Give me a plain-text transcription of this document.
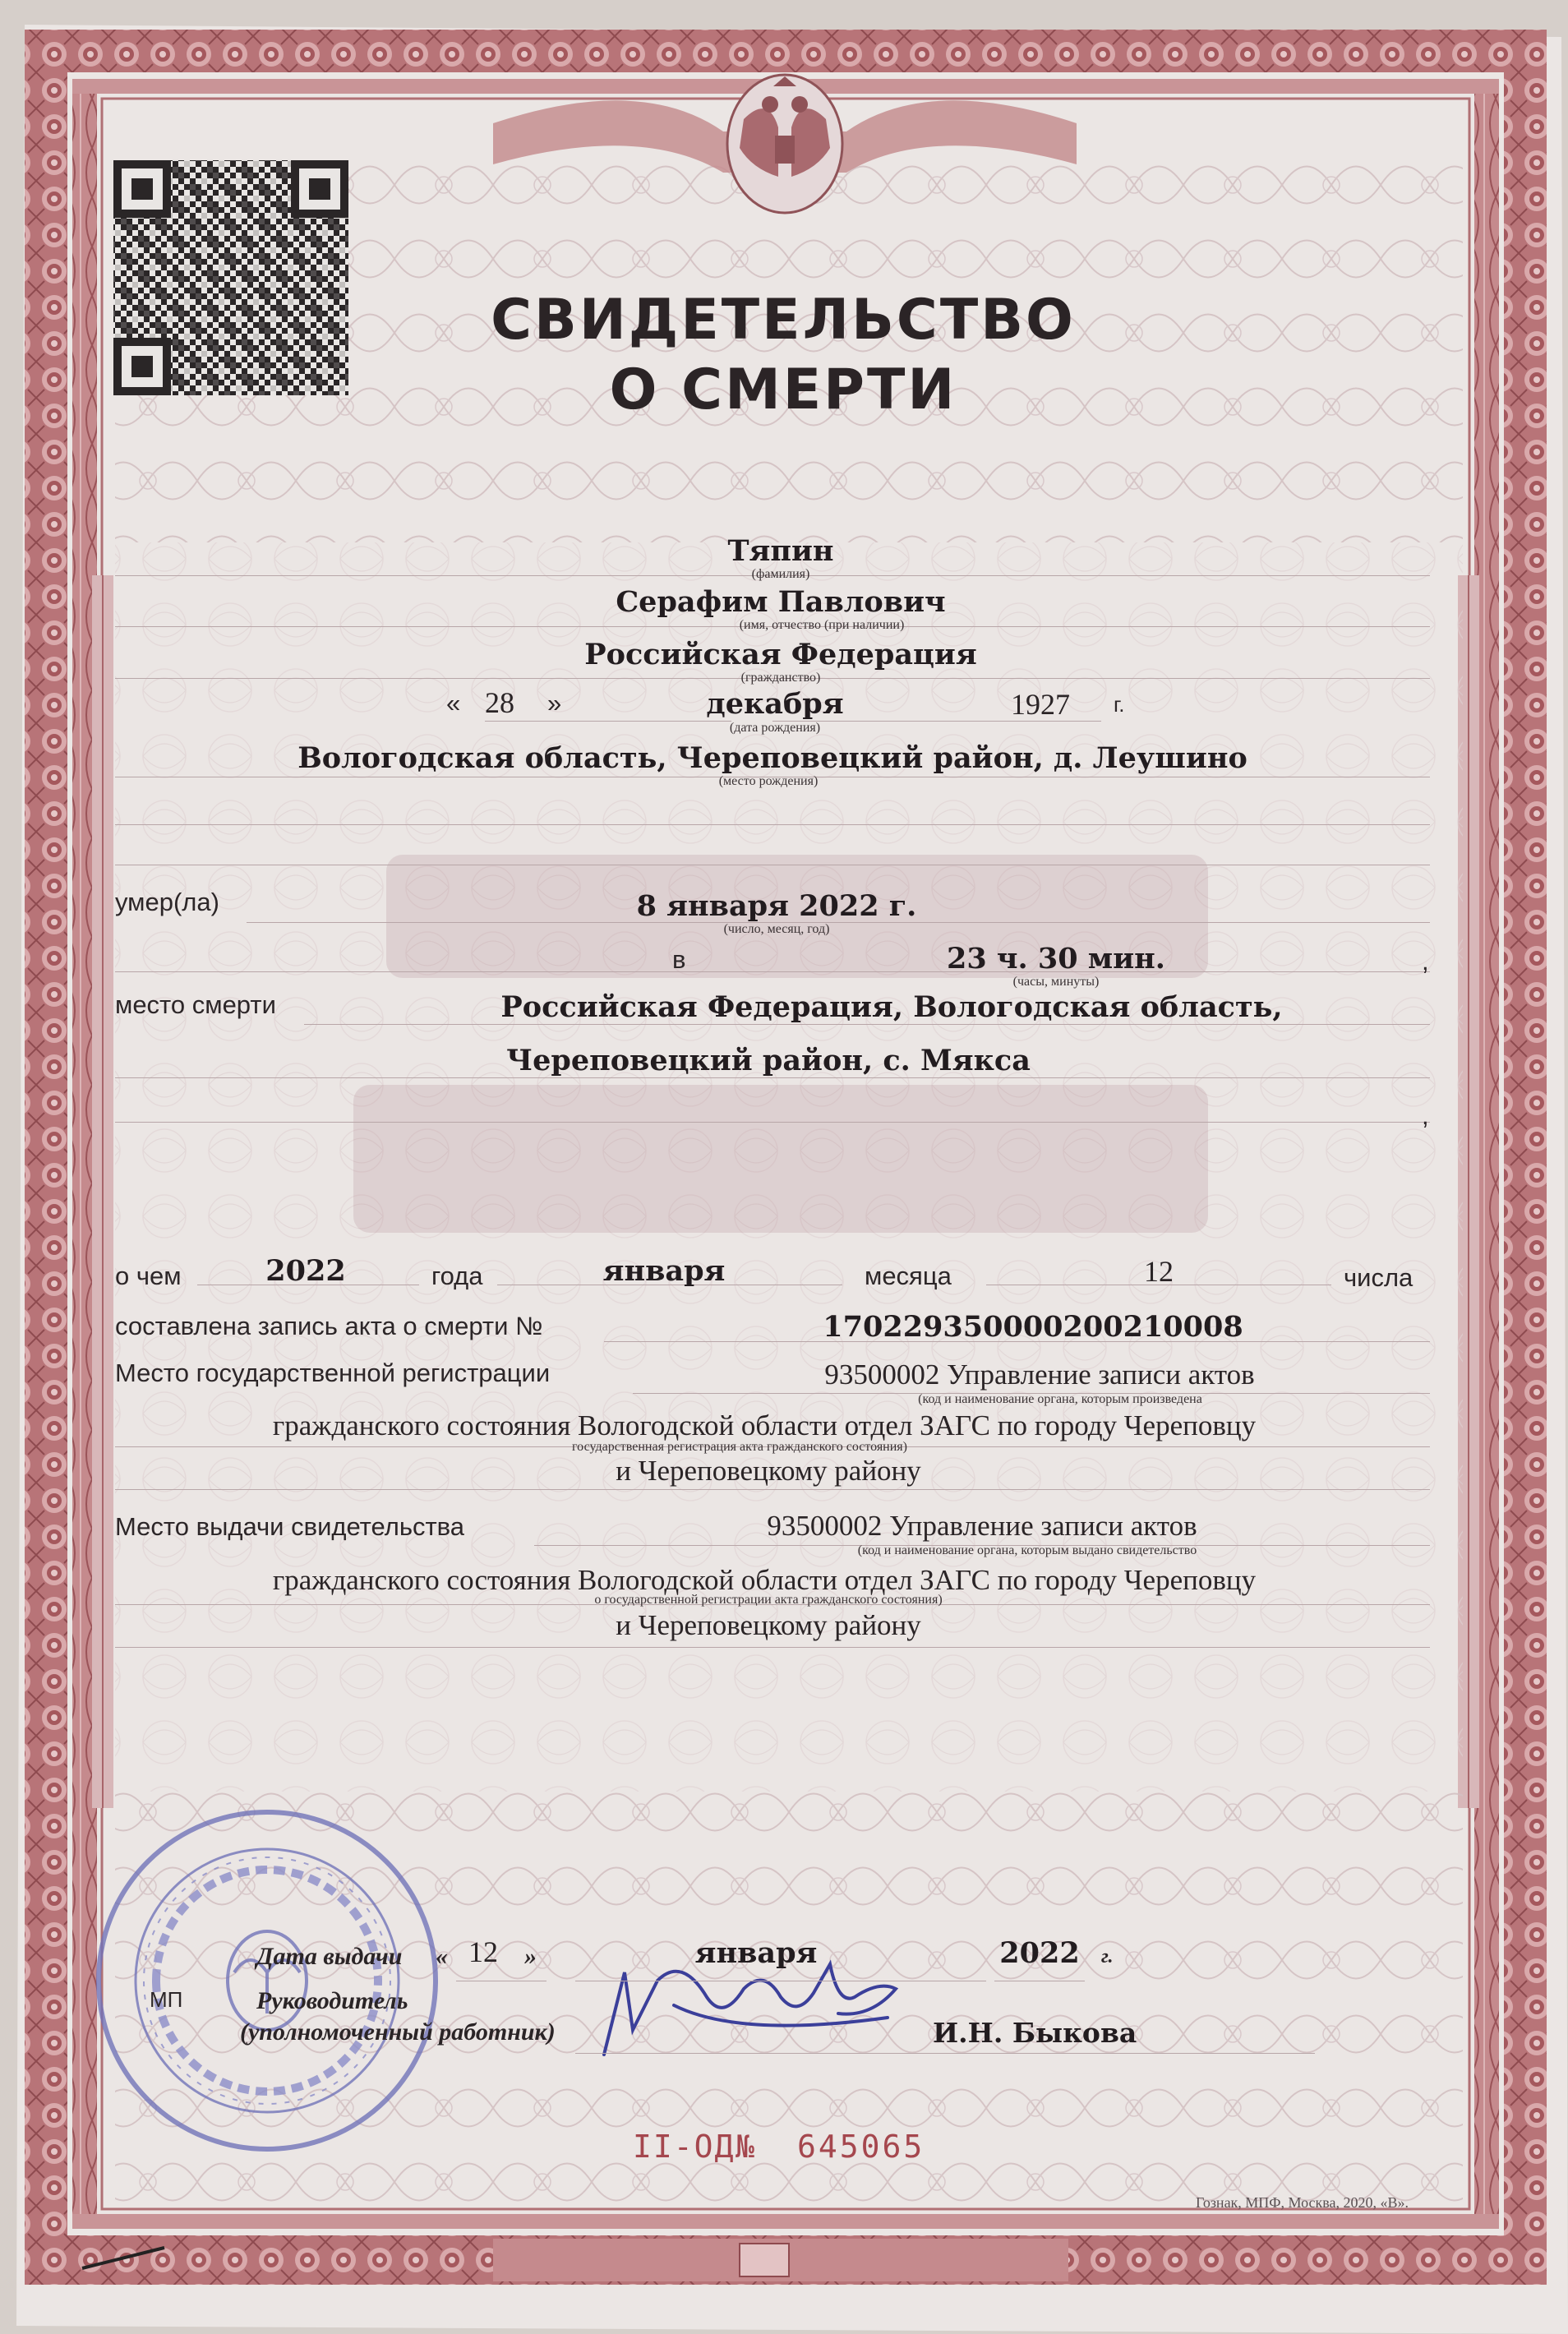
СВИДЕТЕЛЬСТВО
О СМЕРТИ
Тяпин
(фамилия)
Серафим Павлович
(имя, отчество (при наличии)
Российская Федерация
(гражданство)
« 28 »	декабря	1927 г.
(дата рождения)
Вологодская область, Череповецкий район, д. Леушино
(место рождения)
умер(ла)	8 января 2022 г.
(число, месяц, год)
в	23 ч. 30 мин.
(часы, минуты)
,
место смерти	Российская Федерация, Вологодская область,
Череповецкий район, с. Мякса
,
о чем	2022	года	января	месяца	12	числа
составлена запись акта о смерти №	170229350000200210008
Место государственной регистрации	93500002 Управление записи актов
(код и наименование органа, которым произведена
гражданского состояния Вологодской области отдел ЗАГС по городу Череповцу
государственная регистрация акта гражданского состояния)
и Череповецкому району
Место выдачи свидетельства	93500002 Управление записи актов
(код и наименование органа, которым выдано свидетельство
гражданского состояния Вологодской области отдел ЗАГС по городу Череповцу
о государственной регистрации акта гражданского состояния)
и Череповецкому району
Дата выдачи « 12 »	января	2022 г.
МП	Руководитель
(уполномоченный работник)	И.Н. Быкова
II-ОД № 645065
Гознак, МПФ, Москва, 2020, «В».
